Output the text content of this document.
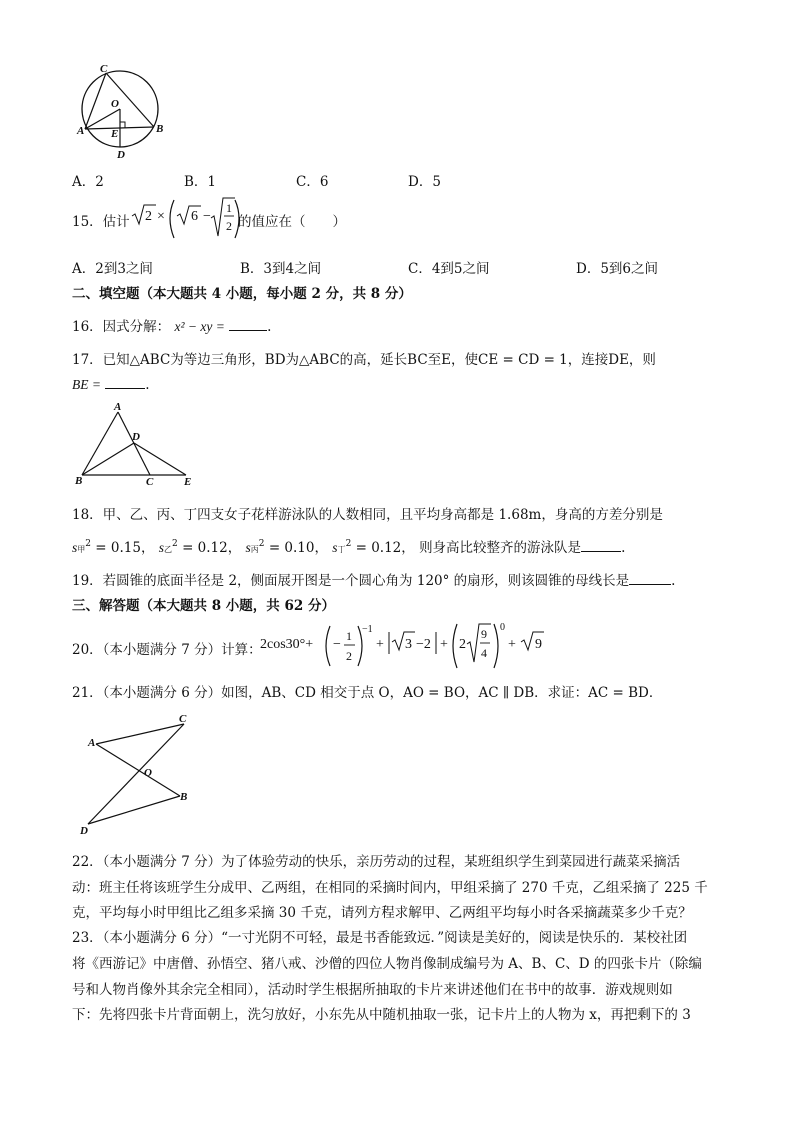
C
O
A E	B
D
A．2	B．1	C．6	D．5
15．估计 2 × 6 −
1
2 的值应在（　　）
A．2到3之间	B．3到4之间	C．4到5之间	D．5到6之间
二、填空题（本大题共 4 小题，每小题 2 分，共 8 分）
16．因式分解： x² − xy =	.
17．已知△ABC为等边三角形，BD为△ABC的高，延长BC至E，使CE = CD = 1，连接DE，则
BE =	.
A
D
B	C	E
18．甲、乙、丙、丁四支女子花样游泳队的人数相同，且平均身高都是 1.68m，身高的方差分别是
s甲$^2$ = 0.15， s乙$^2$ = 0.12， s丙$^2$ = 0.10， s丁$^2$ = 0.12， 则身高比较整齐的游泳队是	.
19．若圆锥的底面半径是 2，侧面展开图是一个圆心角为 120° 的扇形，则该圆锥的母线长是	.
三、解答题（本大题共 8 小题，共 62 分）
20．（本小题满分 7 分）计算：
2cos30°+ −
1
2
−1
+ 3 −2 + 2
9
4
0
+ 9
21．（本小题满分 6 分）如图，AB、CD 相交于点 O，AO = BO，AC ∥ DB．求证：AC = BD．
C
A
O
B
D
22．（本小题满分 7 分）为了体验劳动的快乐，亲历劳动的过程，某班组织学生到菜园进行蔬菜采摘活
动：班主任将该班学生分成甲、乙两组，在相同的采摘时间内，甲组采摘了 270 千克，乙组采摘了 225 千
克，平均每小时甲组比乙组多采摘 30 千克，请列方程求解甲、乙两组平均每小时各采摘蔬菜多少千克？
23．（本小题满分 6 分）“一寸光阴不可轻，最是书香能致远．”阅读是美好的，阅读是快乐的．某校社团
将《西游记》中唐僧、孙悟空、猪八戒、沙僧的四位人物肖像制成编号为 A、B、C、D 的四张卡片（除编
号和人物肖像外其余完全相同），活动时学生根据所抽取的卡片来讲述他们在书中的故事．游戏规则如
下：先将四张卡片背面朝上，洗匀放好，小东先从中随机抽取一张，记卡片上的人物为 x，再把剩下的 3
